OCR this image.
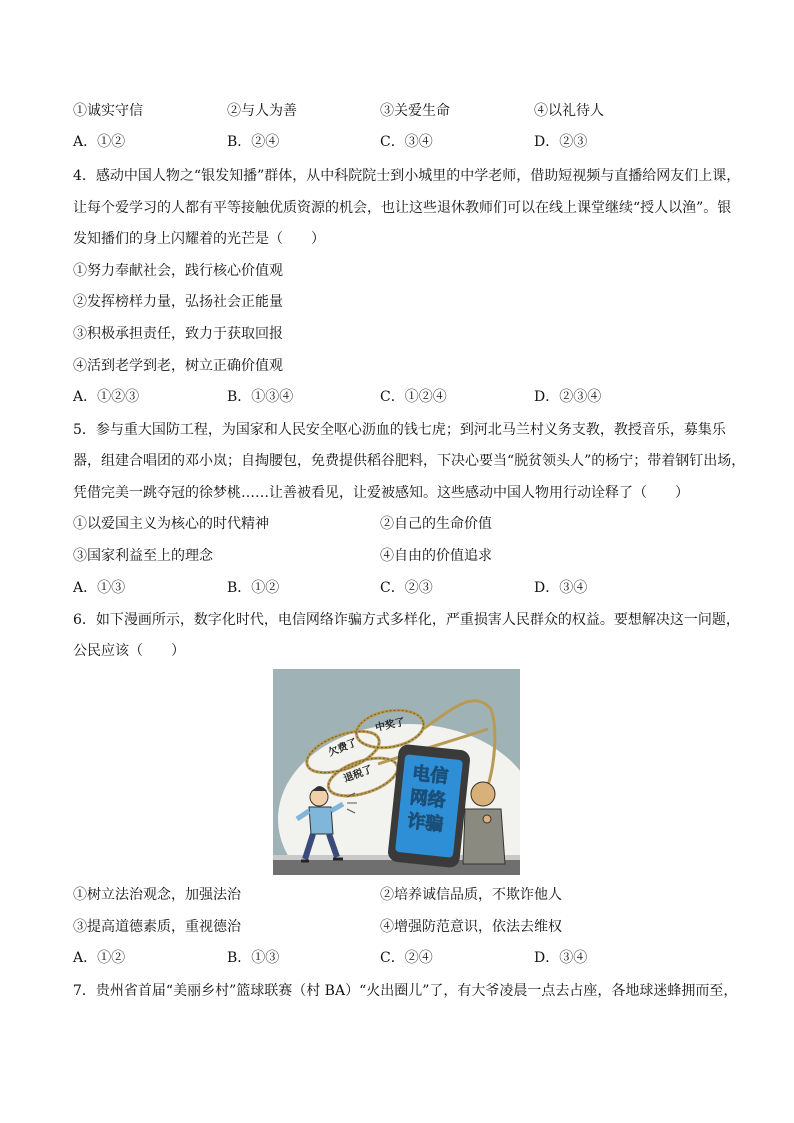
①诚实守信	②与人为善	③关爱生命	④以礼待人
A．①②	B．②④	C．③④	D．②③
4．感动中国人物之“银发知播”群体，从中科院院士到小城里的中学老师，借助短视频与直播给网友们上课，
让每个爱学习的人都有平等接触优质资源的机会，也让这些退休教师们可以在线上课堂继续“授人以渔”。银
发知播们的身上闪耀着的光芒是（　　）
①努力奉献社会，践行核心价值观
②发挥榜样力量，弘扬社会正能量
③积极承担责任，致力于获取回报
④活到老学到老，树立正确价值观
A．①②③	B．①③④	C．①②④	D．②③④
5．参与重大国防工程，为国家和人民安全呕心沥血的钱七虎；到河北马兰村义务支教，教授音乐，募集乐
器，组建合唱团的邓小岚；自掏腰包，免费提供稻谷肥料，下决心要当“脱贫领头人”的杨宁；带着钢钉出场，
凭借完美一跳夺冠的徐梦桃……让善被看见，让爱被感知。这些感动中国人物用行动诠释了（　　）
①以爱国主义为核心的时代精神	②自己的生命价值
③国家利益至上的理念	④自由的价值追求
A．①③	B．①②	C．②③	D．③④
6．如下漫画所示，数字化时代，电信网络诈骗方式多样化，严重损害人民群众的权益。要想解决这一问题，
公民应该（　　）
欠费了
中奖了
退税了 电信
网络
诈骗
①树立法治观念，加强法治	②培养诚信品质，不欺诈他人
③提高道德素质，重视德治	④增强防范意识，依法去维权
A．①②	B．①③	C．②④	D．③④
7．贵州省首届“美丽乡村”篮球联赛（村 BA）“火出圈儿”了，有大爷凌晨一点去占座，各地球迷蜂拥而至，
